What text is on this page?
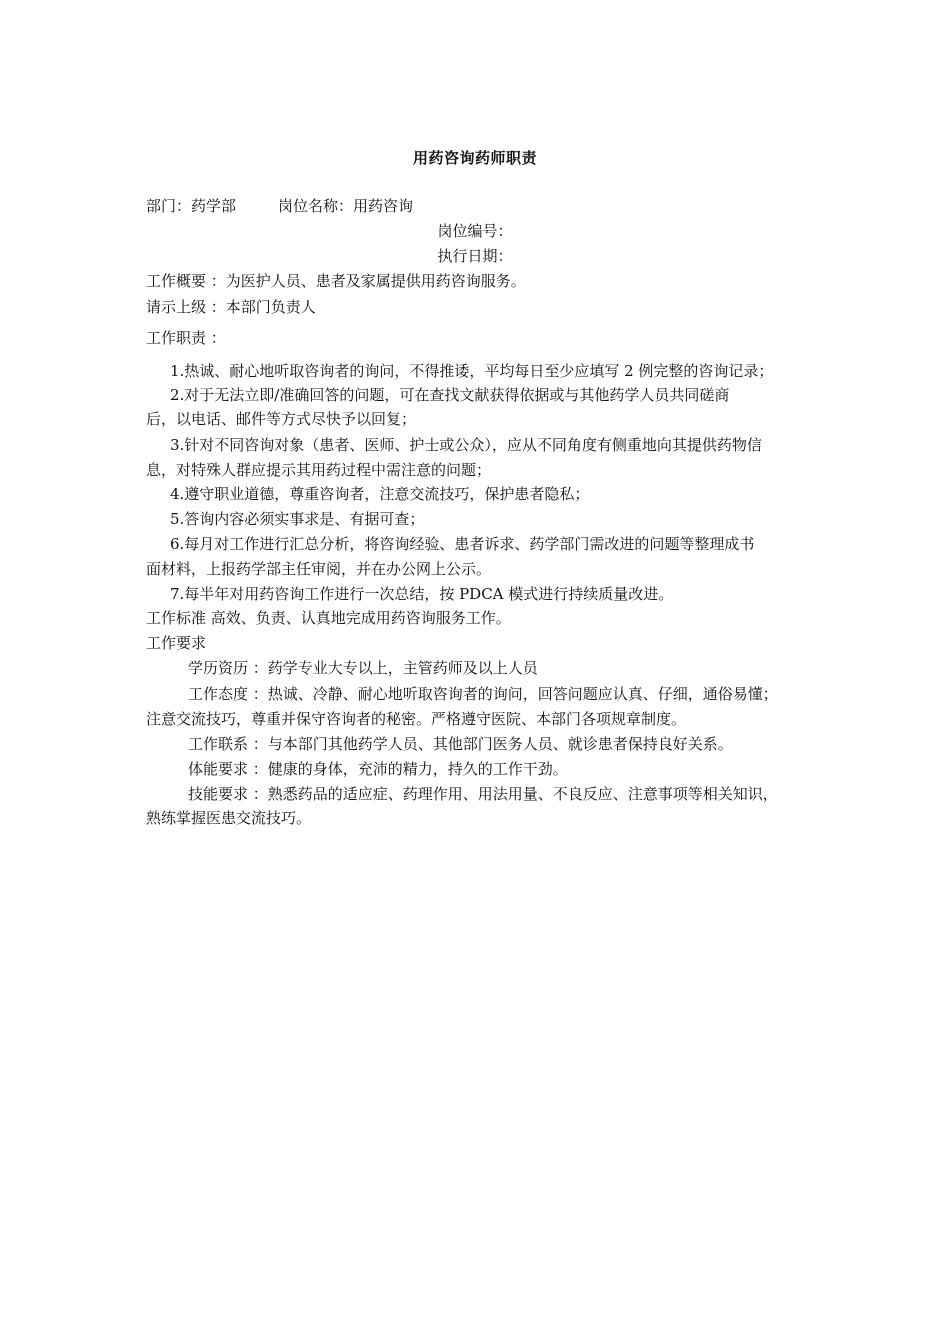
用药咨询药师职责
部门：药学部	岗位名称：用药咨询
岗位编号：
执行日期：
工作概要 ：为医护人员、患者及家属提供用药咨询服务。
请示上级 ：本部门负责人
工作职责 ：
1.热诚、耐心地听取咨询者的询问，不得推诿，平均每日至少应填写 2 例完整的咨询记录；
2.对于无法立即/准确回答的问题，可在查找文献获得依据或与其他药学人员共同磋商
后，以电话、邮件等方式尽快予以回复；
3.针对不同咨询对象（患者、医师、护士或公众），应从不同角度有侧重地向其提供药物信
息，对特殊人群应提示其用药过程中需注意的问题；
4.遵守职业道德，尊重咨询者，注意交流技巧，保护患者隐私；
5.答询内容必须实事求是、有据可查；
6.每月对工作进行汇总分析，将咨询经验、患者诉求、药学部门需改进的问题等整理成书
面材料，上报药学部主任审阅，并在办公网上公示。
7.每半年对用药咨询工作进行一次总结，按 PDCA 模式进行持续质量改进。
工作标准 高效、负责、认真地完成用药咨询服务工作。
工作要求
学历资历 ：药学专业大专以上，主管药师及以上人员
工作态度 ：热诚、冷静、耐心地听取咨询者的询问，回答问题应认真、仔细，通俗易懂；
注意交流技巧，尊重并保守咨询者的秘密。严格遵守医院、本部门各项规章制度。
工作联系 ：与本部门其他药学人员、其他部门医务人员、就诊患者保持良好关系。
体能要求 ：健康的身体，充沛的精力，持久的工作干劲。
技能要求 ：熟悉药品的适应症、药理作用、用法用量、不良反应、注意事项等相关知识，
熟练掌握医患交流技巧。
